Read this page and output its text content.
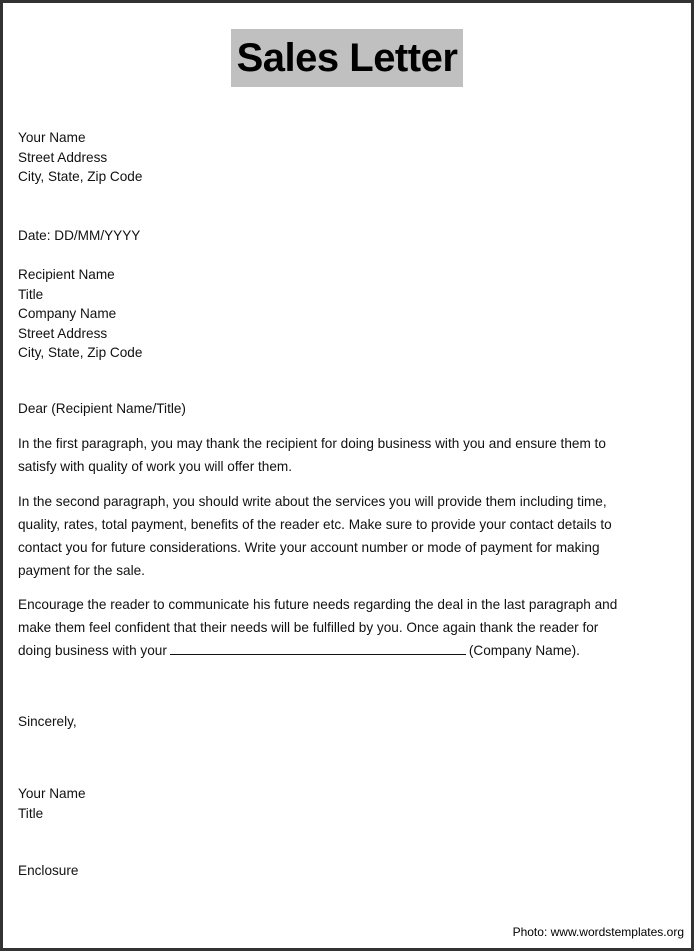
Sales Letter
Your Name
Street Address
City, State, Zip Code
Date: DD/MM/YYYY
Recipient Name
Title
Company Name
Street Address
City, State, Zip Code
Dear (Recipient Name/Title)
In the first paragraph, you may thank the recipient for doing business with you and ensure them to
satisfy with quality of work you will offer them.
In the second paragraph, you should write about the services you will provide them including time,
quality, rates, total payment, benefits of the reader etc. Make sure to provide your contact details to
contact you for future considerations. Write your account number or mode of payment for making
payment for the sale.
Encourage the reader to communicate his future needs regarding the deal in the last paragraph and
make them feel confident that their needs will be fulfilled by you. Once again thank the reader for
doing business with your	(Company Name).
Sincerely,
Your Name
Title
Enclosure
Photo: www.wordstemplates.org
